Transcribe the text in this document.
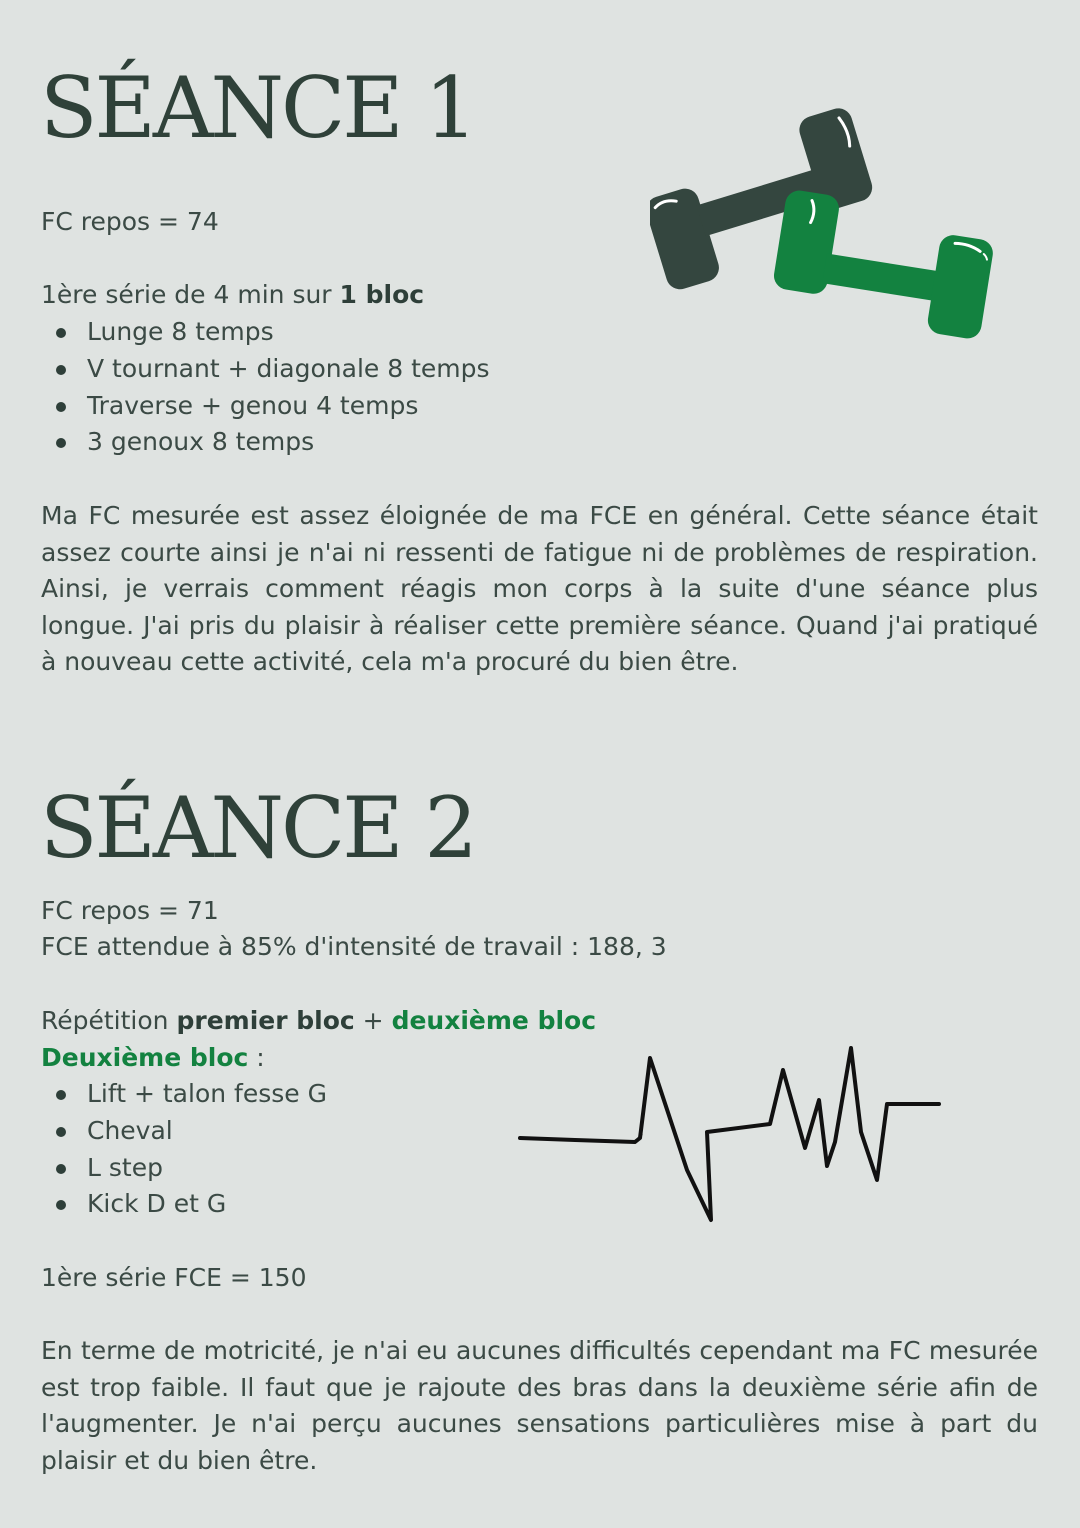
SÉANCE 1
FC repos = 74
1ère série de 4 min sur 1 bloc
Lunge 8 temps
V tournant + diagonale 8 temps
Traverse + genou 4 temps
3 genoux 8 temps

Ma FC mesurée est assez éloignée de ma FCE en général. Cette séance était assez courte ainsi je n'ai ni ressenti de fatigue ni de problèmes de respiration. Ainsi, je verrais comment réagis mon corps à la suite d'une séance plus longue. J'ai pris du plaisir à réaliser cette première séance. Quand j'ai pratiqué à nouveau cette activité, cela m'a procuré du bien être.

SÉANCE 2
FC repos = 71
FCE attendue à 85% d'intensité de travail : 188, 3
Répétition premier bloc + deuxième bloc
Deuxième bloc :
Lift + talon fesse G
Cheval
L step
Kick D et G
1ère série FCE = 150

En terme de motricité, je n'ai eu aucunes difficultés cependant ma FC mesurée est trop faible. Il faut que je rajoute des bras dans la deuxième série afin de l'augmenter. Je n'ai perçu aucunes sensations particulières mise à part du plaisir et du bien être.
